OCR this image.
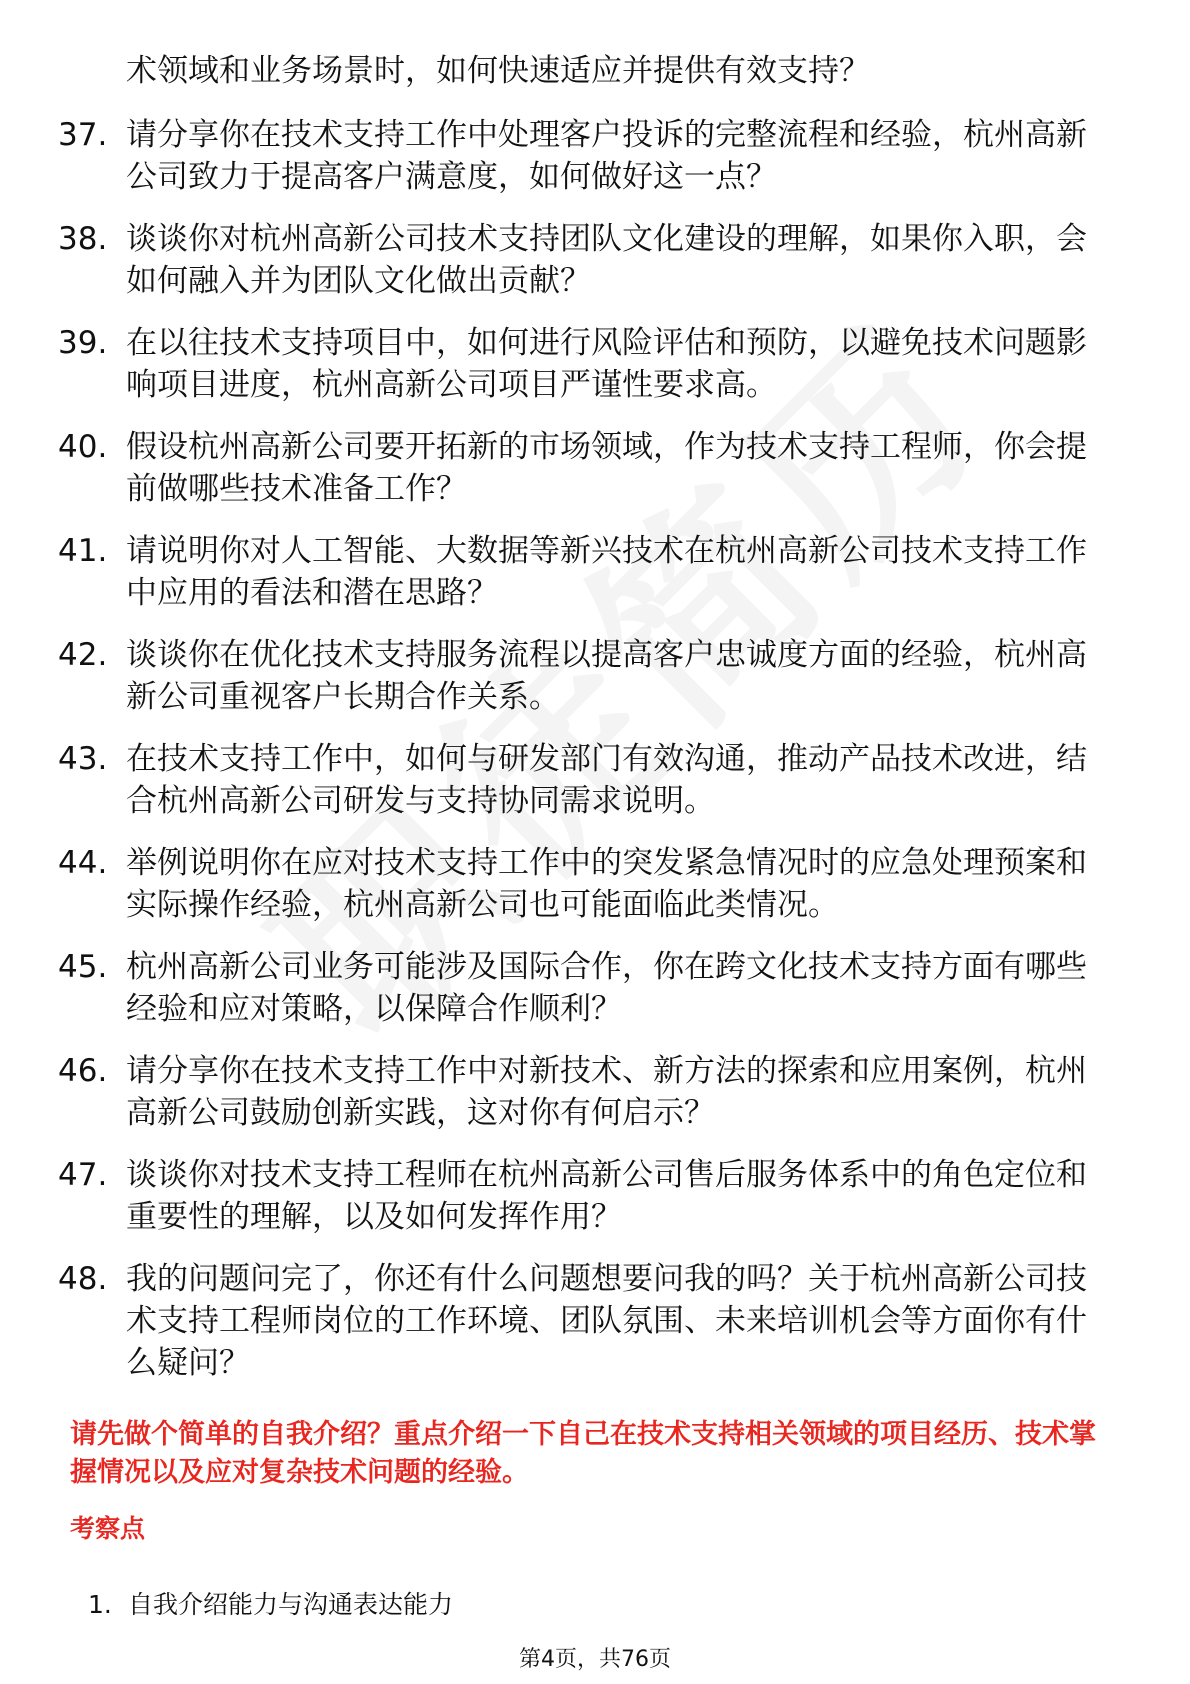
术领域和业务场景时，如何快速适应并提供有效支持？
37. 请分享你在技术支持工作中处理客户投诉的完整流程和经验，杭州高新公司致力于提高客户满意度，如何做好这一点？
38. 谈谈你对杭州高新公司技术支持团队文化建设的理解，如果你入职，会如何融入并为团队文化做出贡献？
39. 在以往技术支持项目中，如何进行风险评估和预防，以避免技术问题影响项目进度，杭州高新公司项目严谨性要求高。
40. 假设杭州高新公司要开拓新的市场领域，作为技术支持工程师，你会提前做哪些技术准备工作？
41. 请说明你对人工智能、大数据等新兴技术在杭州高新公司技术支持工作中应用的看法和潜在思路？
42. 谈谈你在优化技术支持服务流程以提高客户忠诚度方面的经验，杭州高新公司重视客户长期合作关系。
43. 在技术支持工作中，如何与研发部门有效沟通，推动产品技术改进，结合杭州高新公司研发与支持协同需求说明。
44. 举例说明你在应对技术支持工作中的突发紧急情况时的应急处理预案和实际操作经验，杭州高新公司也可能面临此类情况。
45. 杭州高新公司业务可能涉及国际合作，你在跨文化技术支持方面有哪些经验和应对策略，以保障合作顺利？
46. 请分享你在技术支持工作中对新技术、新方法的探索和应用案例，杭州高新公司鼓励创新实践，这对你有何启示？
47. 谈谈你对技术支持工程师在杭州高新公司售后服务体系中的角色定位和重要性的理解，以及如何发挥作用？
48. 我的问题问完了，你还有什么问题想要问我的吗？关于杭州高新公司技术支持工程师岗位的工作环境、团队氛围、未来培训机会等方面你有什么疑问？
请先做个简单的自我介绍？重点介绍一下自己在技术支持相关领域的项目经历、技术掌握情况以及应对复杂技术问题的经验。
考察点
1. 自我介绍能力与沟通表达能力
第4页，共76页
